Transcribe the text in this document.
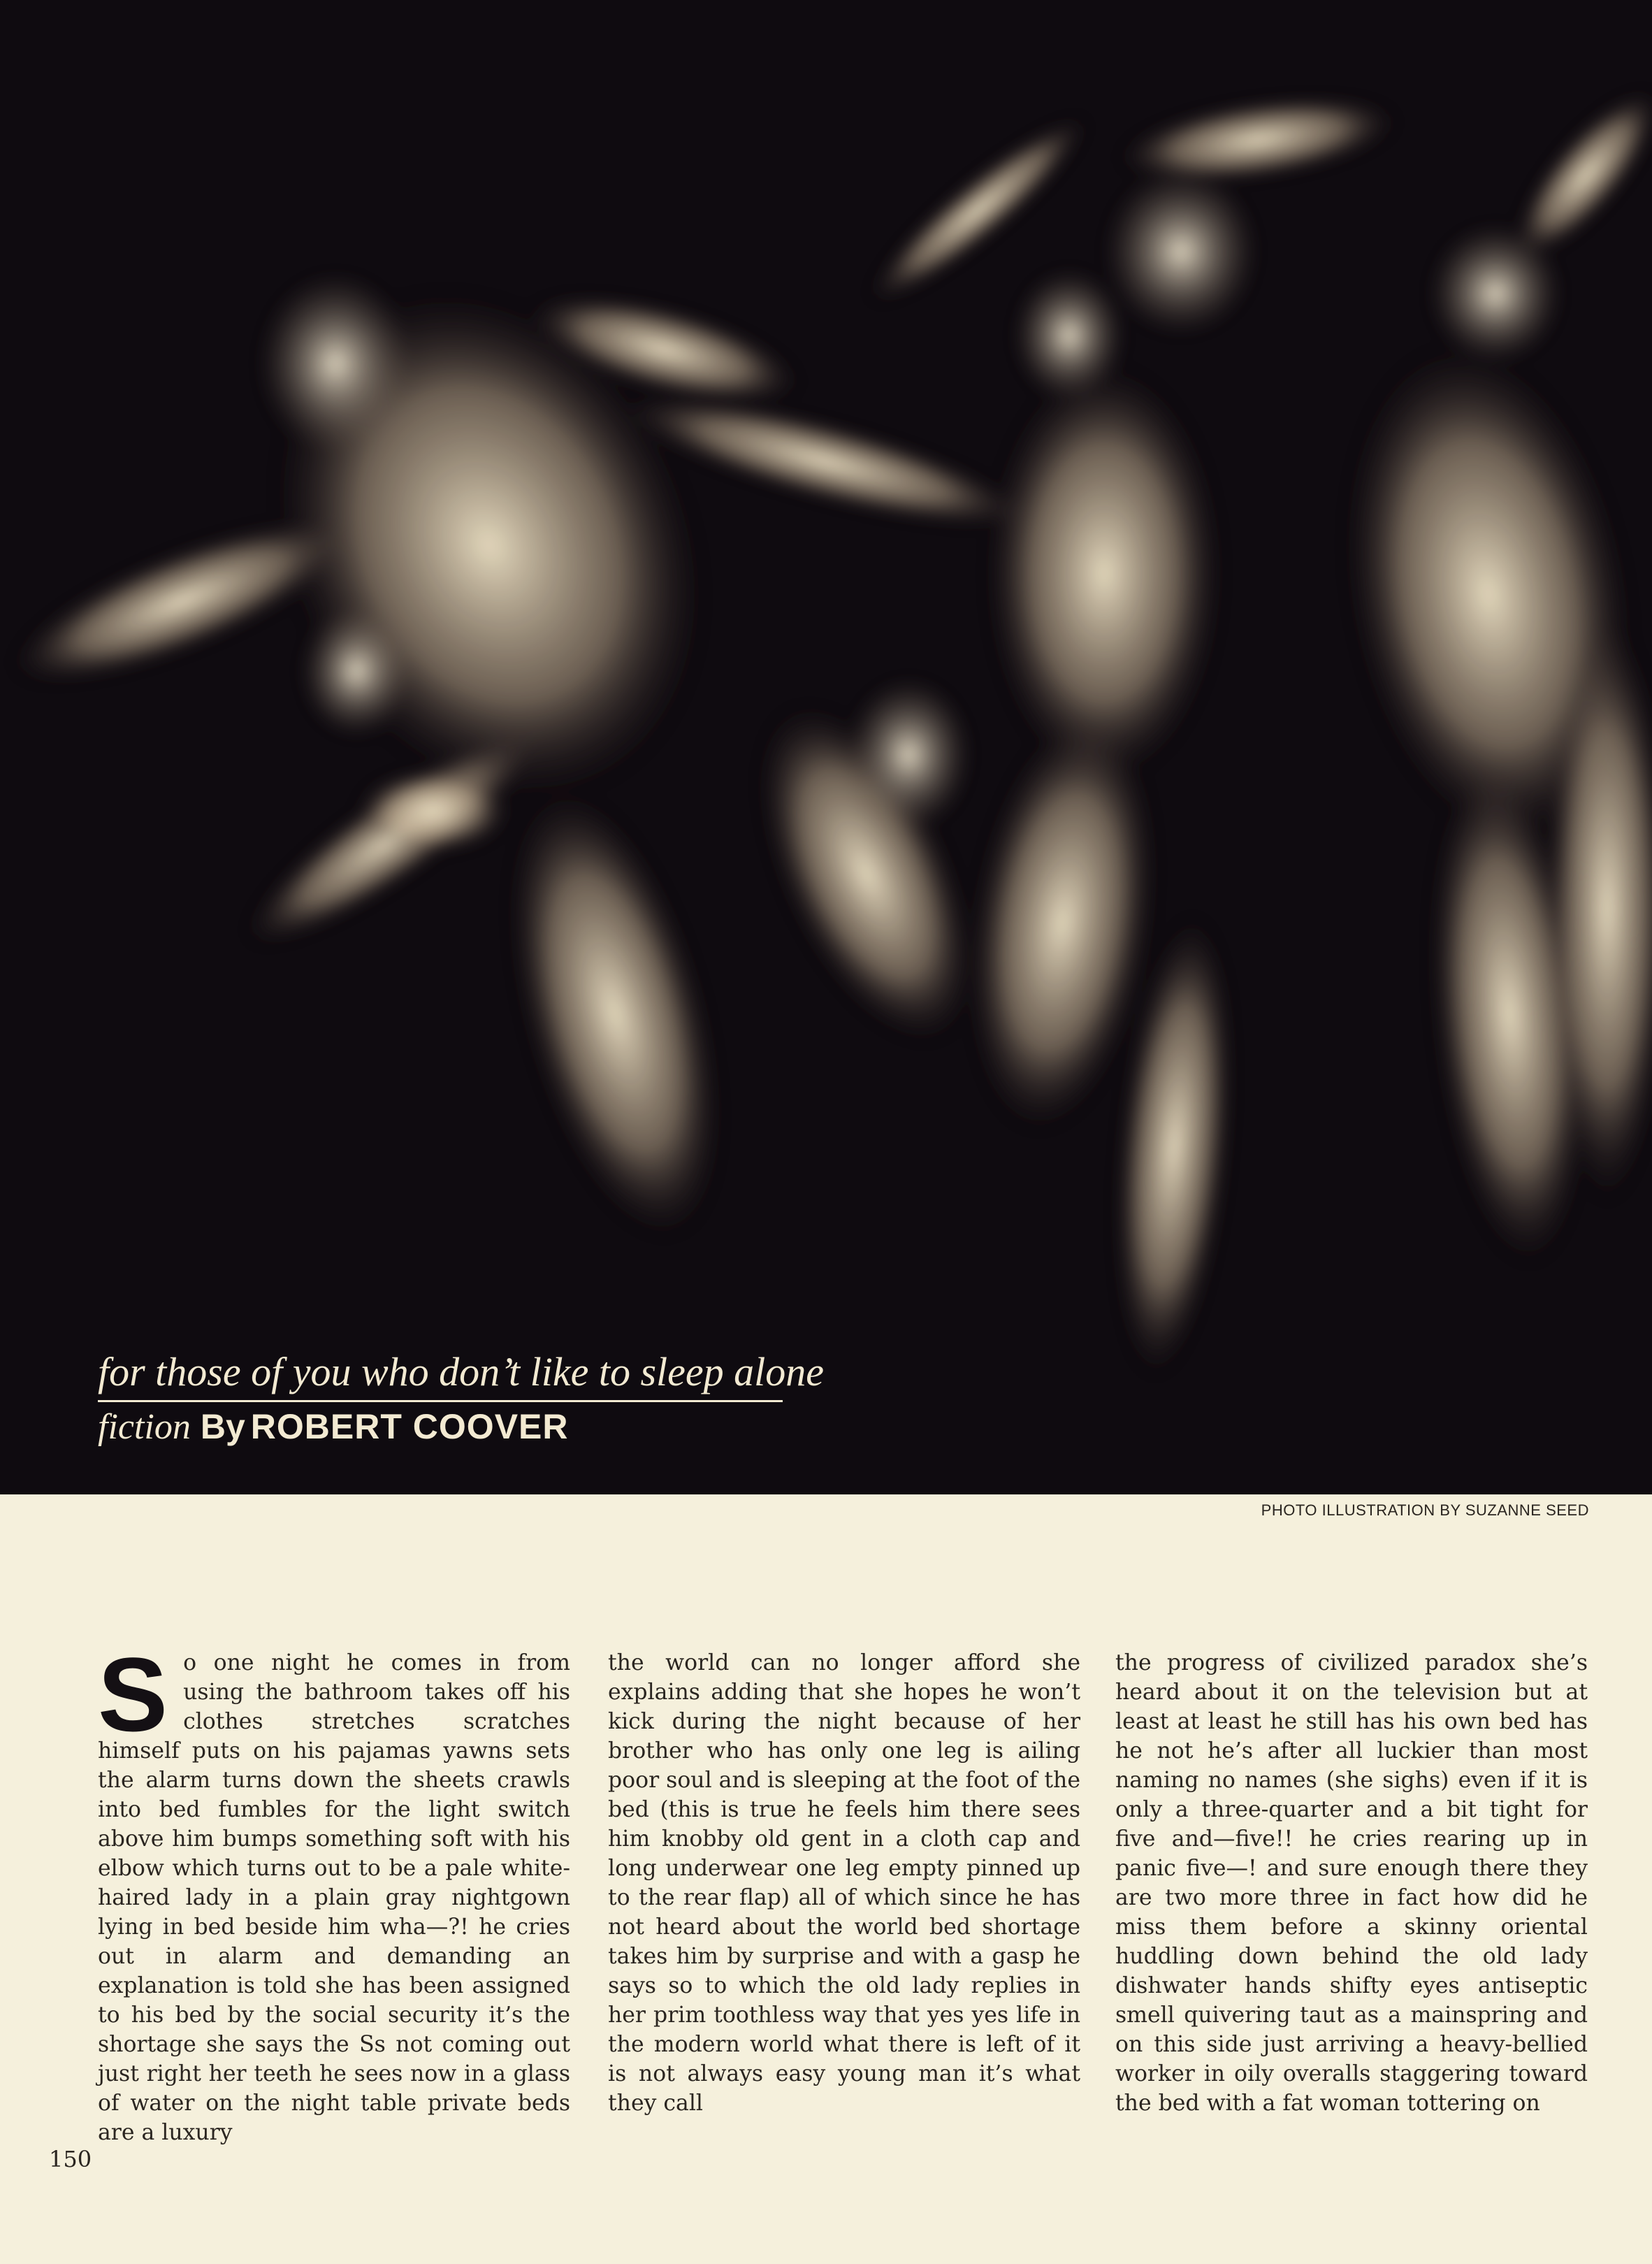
for those of you who don’t like to sleep alone
fiction By ROBERT COOVER
PHOTO ILLUSTRATION BY SUZANNE SEED
S o one night he comes in from using the bathroom takes off his clothes stretches scratches himself puts on his pajamas yawns sets the alarm turns down the sheets crawls into bed fumbles for the light switch above him bumps something soft with his elbow which turns out to be a pale white-haired lady in a plain gray nightgown lying in bed beside him wha—?! he cries out in alarm and demanding an explanation is told she has been assigned to his bed by the social security it’s the shortage she says the Ss not coming out just right her teeth he sees now in a glass of water on the night table private beds are a luxury
the world can no longer afford she explains adding that she hopes he won’t kick during the night because of her brother who has only one leg is ailing poor soul and is sleeping at the foot of the bed (this is true he feels him there sees him knobby old gent in a cloth cap and long underwear one leg empty pinned up to the rear flap) all of which since he has not heard about the world bed shortage takes him by surprise and with a gasp he says so to which the old lady replies in her prim toothless way that yes yes life in the modern world what there is left of it is not always easy young man it’s what they call
the progress of civilized paradox she’s heard about it on the television but at least at least he still has his own bed has he not he’s after all luckier than most naming no names (she sighs) even if it is only a three-quarter and a bit tight for five and—five!! he cries rearing up in panic five—! and sure enough there they are two more three in fact how did he miss them before a skinny oriental huddling down behind the old lady dishwater hands shifty eyes antiseptic smell quivering taut as a mainspring and on this side just arriving a heavy-bellied worker in oily overalls staggering toward the bed with a fat woman tottering on
150
